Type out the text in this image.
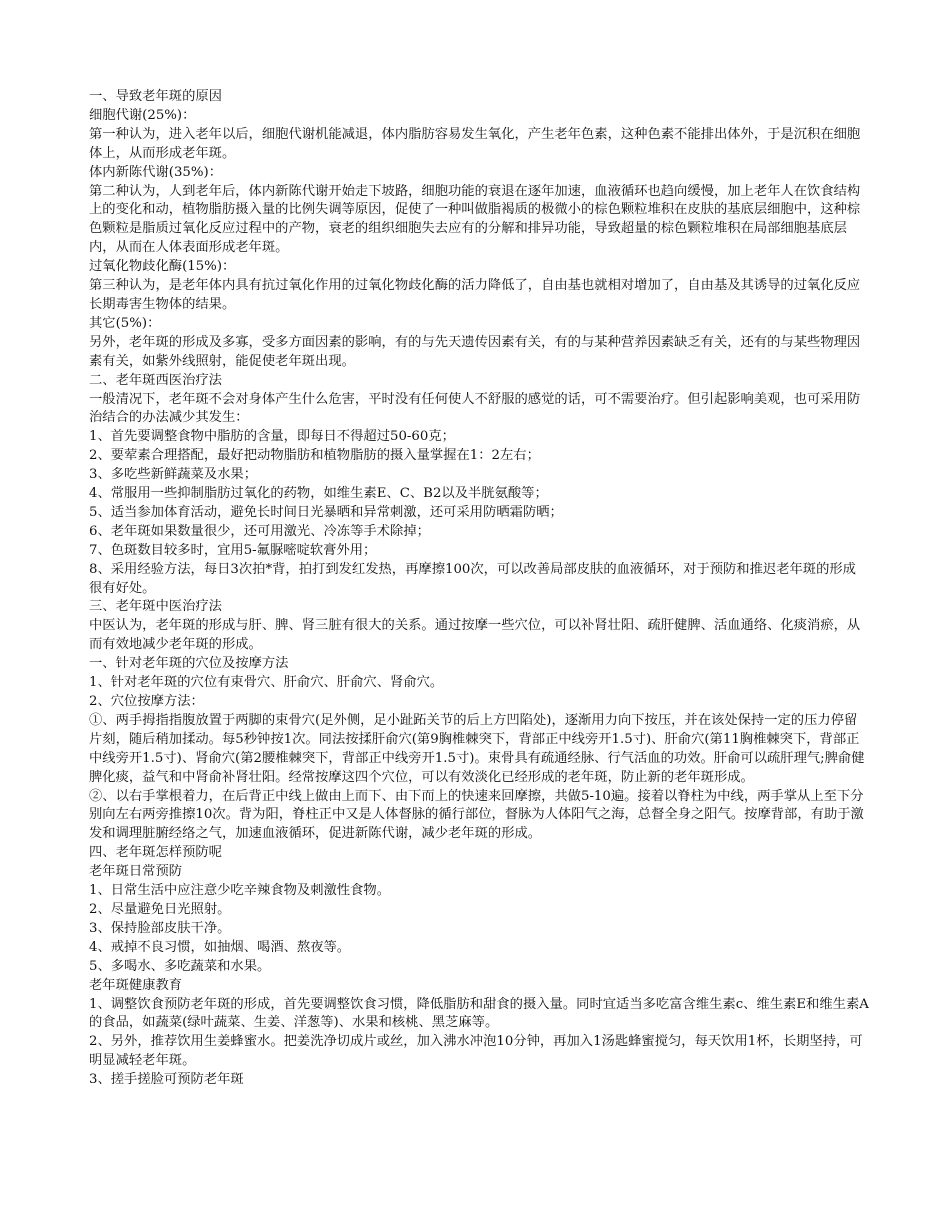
一、导致老年斑的原因

细胞代谢(25%)：

第一种认为，进入老年以后，细胞代谢机能减退，体内脂肪容易发生氧化，产生老年色素，这种色素不能排出体外，于是沉积在细胞体上，从而形成老年斑。

体内新陈代谢(35%)：

第二种认为，人到老年后，体内新陈代谢开始走下坡路，细胞功能的衰退在逐年加速，血液循环也趋向缓慢，加上老年人在饮食结构上的变化和动，植物脂肪摄入量的比例失调等原因，促使了一种叫做脂褐质的极微小的棕色颗粒堆积在皮肤的基底层细胞中，这种棕色颗粒是脂质过氧化反应过程中的产物，衰老的组织细胞失去应有的分解和排异功能，导致超量的棕色颗粒堆积在局部细胞基底层内，从而在人体表面形成老年斑。

过氧化物歧化酶(15%)：

第三种认为，是老年体内具有抗过氧化作用的过氧化物歧化酶的活力降低了，自由基也就相对增加了，自由基及其诱导的过氧化反应长期毒害生物体的结果。

其它(5%)：

另外，老年斑的形成及多寡，受多方面因素的影响，有的与先天遗传因素有关，有的与某种营养因素缺乏有关，还有的与某些物理因素有关，如紫外线照射，能促使老年斑出现。

二、老年斑西医治疗法

一般清况下，老年斑不会对身体产生什么危害，平时没有任何使人不舒服的感觉的话，可不需要治疗。但引起影响美观，也可采用防治结合的办法减少其发生：

1、首先要调整食物中脂肪的含量，即每日不得超过50-60克；

2、要荤素合理搭配，最好把动物脂肪和植物脂肪的摄入量掌握在1：2左右；

3、多吃些新鲜蔬菜及水果；

4、常服用一些抑制脂肪过氧化的药物，如维生素E、C、B2以及半胱氨酸等；

5、适当参加体育活动，避免长时间日光暴晒和异常刺激，还可采用防晒霜防晒；

6、老年斑如果数量很少，还可用激光、冷冻等手术除掉；

7、色斑数目较多时，宜用5-氟脲嘧啶软膏外用；

8、采用经验方法，每日3次拍*背，拍打到发红发热，再摩擦100次，可以改善局部皮肤的血液循环，对于预防和推迟老年斑的形成很有好处。

三、老年斑中医治疗法

中医认为，老年斑的形成与肝、脾、肾三脏有很大的关系。通过按摩一些穴位，可以补肾壮阳、疏肝健脾、活血通络、化痰消瘀，从而有效地减少老年斑的形成。

一、针对老年斑的穴位及按摩方法

1、针对老年斑的穴位有束骨穴、肝俞穴、肝俞穴、肾俞穴。

2、穴位按摩方法：

①、两手拇指指腹放置于两脚的束骨穴(足外侧，足小趾跖关节的后上方凹陷处)，逐渐用力向下按压，并在该处保持一定的压力停留片刻，随后稍加揉动。每5秒钟按1次。同法按揉肝俞穴(第9胸椎棘突下，背部正中线旁开1.5寸)、肝俞穴(第11胸椎棘突下，背部正中线旁开1.5寸)、肾俞穴(第2腰椎棘突下，背部正中线旁开1.5寸)。束骨具有疏通经脉、行气活血的功效。肝俞可以疏肝理气;脾俞健脾化痰，益气和中肾俞补肾壮阳。经常按摩这四个穴位，可以有效淡化已经形成的老年斑，防止新的老年斑形成。

②、以右手掌根着力，在后背正中线上做由上而下、由下而上的快速来回摩擦，共做5-10遍。接着以脊柱为中线，两手掌从上至下分别向左右两旁推擦10次。背为阳，脊柱正中又是人体督脉的循行部位，督脉为人体阳气之海，总督全身之阳气。按摩背部，有助于激发和调理脏腑经络之气，加速血液循环，促进新陈代谢，减少老年斑的形成。

四、老年斑怎样预防呢

老年斑日常预防

1、日常生活中应注意少吃辛辣食物及刺激性食物。

2、尽量避免日光照射。

3、保持脸部皮肤干净。

4、戒掉不良习惯，如抽烟、喝酒、熬夜等。

5、多喝水、多吃蔬菜和水果。

老年斑健康教育

1、调整饮食预防老年斑的形成，首先要调整饮食习惯，降低脂肪和甜食的摄入量。同时宜适当多吃富含维生素c、维生素E和维生素A的食品，如蔬菜(绿叶蔬菜、生姜、洋葱等)、水果和核桃、黑芝麻等。

2、另外，推荐饮用生姜蜂蜜水。把姜洗净切成片或丝，加入沸水冲泡10分钟，再加入1汤匙蜂蜜搅匀，每天饮用1杯，长期坚持，可明显减轻老年斑。

3、搓手搓脸可预防老年斑
